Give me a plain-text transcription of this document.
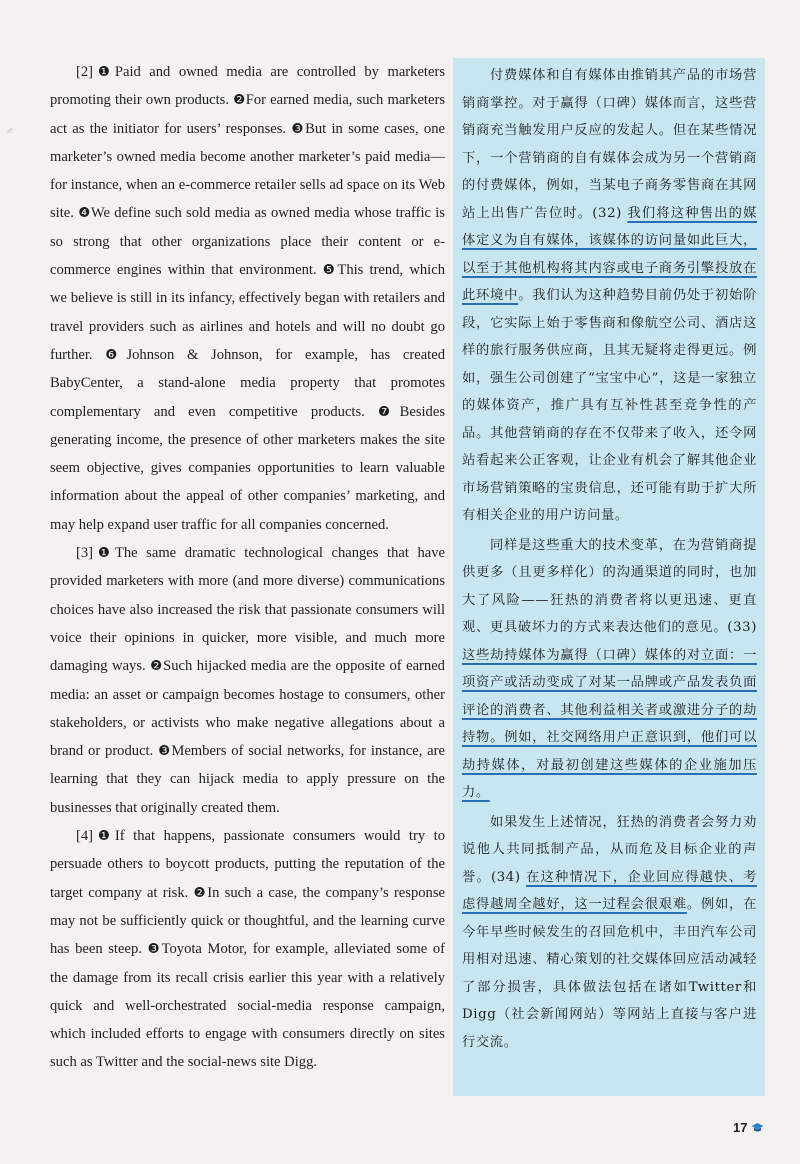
♂

[2]❶Paid and owned media are controlled by marketers promoting their own products. ❷For earned media, such marketers act as the initiator for users’ responses. ❸But in some cases, one marketer’s owned media become another marketer’s paid media—for instance, when an e-commerce retailer sells ad space on its Web site. ❹We define such sold media as owned media whose traffic is so strong that other organizations place their content or e-commerce engines within that environment. ❺This trend, which we believe is still in its infancy, effectively began with retailers and travel providers such as airlines and hotels and will no doubt go further. ❻Johnson & Johnson, for example, has created BabyCenter, a stand-alone media property that promotes complementary and even competitive products. ❼Besides generating income, the presence of other marketers makes the site seem objective, gives companies opportunities to learn valuable information about the appeal of other companies’ marketing, and may help expand user traffic for all companies concerned.

[3]❶The same dramatic technological changes that have provided marketers with more (and more diverse) communications choices have also increased the risk that passionate consumers will voice their opinions in quicker, more visible, and much more damaging ways. ❷Such hijacked media are the opposite of earned media: an asset or campaign becomes hostage to consumers, other stakeholders, or activists who make negative allegations about a brand or product. ❸Members of social networks, for instance, are learning that they can hijack media to apply pressure on the businesses that originally created them.

[4]❶If that happens, passionate consumers would try to persuade others to boycott products, putting the reputation of the target company at risk. ❷In such a case, the company’s response may not be sufficiently quick or thoughtful, and the learning curve has been steep. ❸Toyota Motor, for example, alleviated some of the damage from its recall crisis earlier this year with a relatively quick and well-orchestrated social-media response campaign, which included efforts to engage with consumers directly on sites such as Twitter and the social-news site Digg.

付费媒体和自有媒体由推销其产品的市场营销商掌控。对于赢得（口碑）媒体而言，这些营销商充当触发用户反应的发起人。但在某些情况下，一个营销商的自有媒体会成为另一个营销商的付费媒体，例如，当某电子商务零售商在其网站上出售广告位时。(32) 我们将这种售出的媒体定义为自有媒体，该媒体的访问量如此巨大，以至于其他机构将其内容或电子商务引擎投放在此环境中。我们认为这种趋势目前仍处于初始阶段，它实际上始于零售商和像航空公司、酒店这样的旅行服务供应商，且其无疑将走得更远。例如，强生公司创建了“宝宝中心”，这是一家独立的媒体资产，推广具有互补性甚至竞争性的产品。其他营销商的存在不仅带来了收入，还令网站看起来公正客观，让企业有机会了解其他企业市场营销策略的宝贵信息，还可能有助于扩大所有相关企业的用户访问量。

同样是这些重大的技术变革，在为营销商提供更多（且更多样化）的沟通渠道的同时，也加大了风险——狂热的消费者将以更迅速、更直观、更具破坏力的方式来表达他们的意见。(33) 这些劫持媒体为赢得（口碑）媒体的对立面：一项资产或活动变成了对某一品牌或产品发表负面评论的消费者、其他利益相关者或激进分子的劫持物。例如，社交网络用户正意识到，他们可以劫持媒体，对最初创建这些媒体的企业施加压力。

如果发生上述情况，狂热的消费者会努力劝说他人共同抵制产品，从而危及目标企业的声誉。(34) 在这种情况下，企业回应得越快、考虑得越周全越好，这一过程会很艰难。例如，在今年早些时候发生的召回危机中，丰田汽车公司用相对迅速、精心策划的社交媒体回应活动减轻了部分损害，具体做法包括在诸如Twitter和Digg（社会新闻网站）等网站上直接与客户进行交流。

17
